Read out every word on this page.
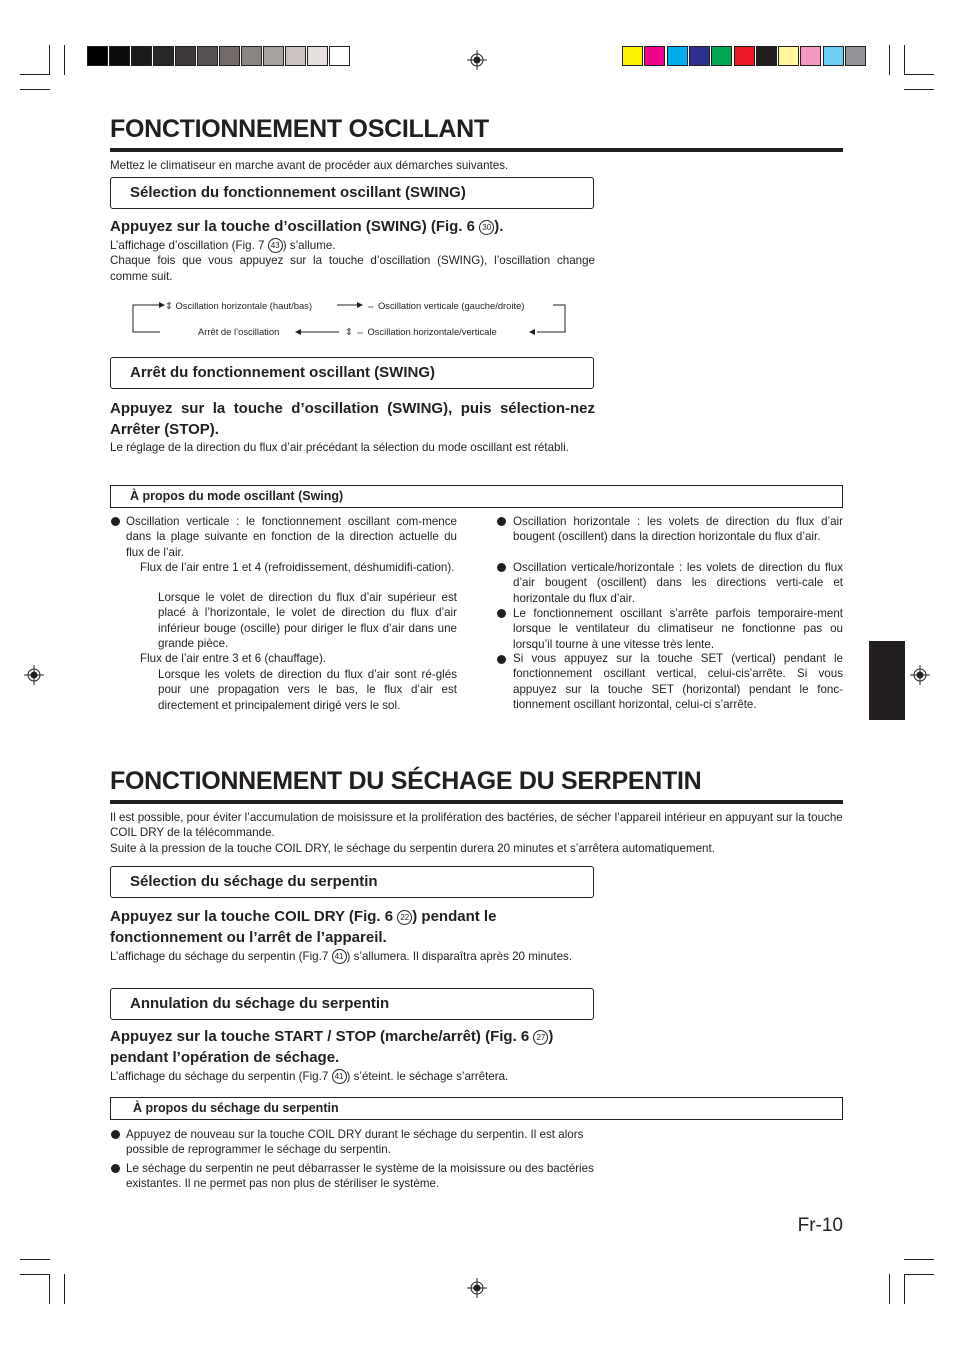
FONCTIONNEMENT OSCILLANT
Mettez le climatiseur en marche avant de procéder aux démarches suivantes.
Sélection du fonctionnement oscillant (SWING)
Appuyez sur la touche d’oscillation (SWING) (Fig. 6 30 ).
L’affichage d’oscillation (Fig. 7 43 ) s’allume.
Chaque fois que vous appuyez sur la touche d’oscillation (SWING), l’oscillation change comme suit.
⇕ Oscillation horizontale (haut/bas)	⇔ Oscillation verticale (gauche/droite)
⇕ ⇔ Oscillation horizontale/verticale
Arrêt de l’oscillation
Arrêt du fonctionnement oscillant (SWING)
Appuyez sur la touche d’oscillation (SWING), puis sélection-nez Arrêter (STOP).
Le réglage de la direction du flux d’air précédant la sélection du mode oscillant est rétabli.
À propos du mode oscillant (Swing)
Oscillation verticale : le fonctionnement oscillant com-mence dans la plage suivante en fonction de la direction actuelle du flux de l’air.
Flux de l’air entre 1 et 4 (refroidissement, déshumidifi-cation).
Lorsque le volet de direction du flux d’air supérieur est placé à l’horizontale, le volet de direction du flux d’air inférieur bouge (oscille) pour diriger le flux d’air dans une grande pièce.
Flux de l’air entre 3 et 6 (chauffage).
Lorsque les volets de direction du flux d’air sont ré-glés pour une propagation vers le bas, le flux d’air est directement et principalement dirigé vers le sol.
Oscillation horizontale : les volets de direction du flux d’air bougent (oscillent) dans la direction horizontale du flux d’air.
Oscillation verticale/horizontale : les volets de direction du flux d’air bougent (oscillent) dans les directions verti-cale et horizontale du flux d’air.
Le fonctionnement oscillant s’arrête parfois temporaire-ment lorsque le ventilateur du climatiseur ne fonctionne pas ou lorsqu’il tourne à une vitesse très lente.
Si vous appuyez sur la touche SET (vertical) pendant le fonctionnement oscillant vertical, celui-cis’arrête. Si vous appuyez sur la touche SET (horizontal) pendant le fonc-tionnement oscillant horizontal, celui-ci s’arrête.
FONCTIONNEMENT DU SÉCHAGE DU SERPENTIN
Il est possible, pour éviter l’accumulation de moisissure et la prolifération des bactéries, de sécher l’appareil intérieur en appuyant sur la touche COIL DRY de la télécommande.
Suite à la pression de la touche COIL DRY, le séchage du serpentin durera 20 minutes et s’arrêtera automatiquement.
Sélection du séchage du serpentin
Appuyez sur la touche COIL DRY (Fig. 6 22 ) pendant le fonctionnement ou l’arrêt de l’appareil.
L’affichage du séchage du serpentin (Fig.7 41 ) s’allumera. Il disparaîtra après 20 minutes.
Annulation du séchage du serpentin
Appuyez sur la touche START / STOP (marche/arrêt) (Fig. 6 27 ) pendant l’opération de séchage.
L’affichage du séchage du serpentin (Fig.7 41 ) s’éteint. le séchage s’arrêtera.
À propos du séchage du serpentin
Appuyez de nouveau sur la touche COIL DRY durant le séchage du serpentin. Il est alors possible de reprogrammer le séchage du serpentin.
Le séchage du serpentin ne peut débarrasser le système de la moisissure ou des bactéries existantes. Il ne permet pas non plus de stériliser le système.
Fr-10
